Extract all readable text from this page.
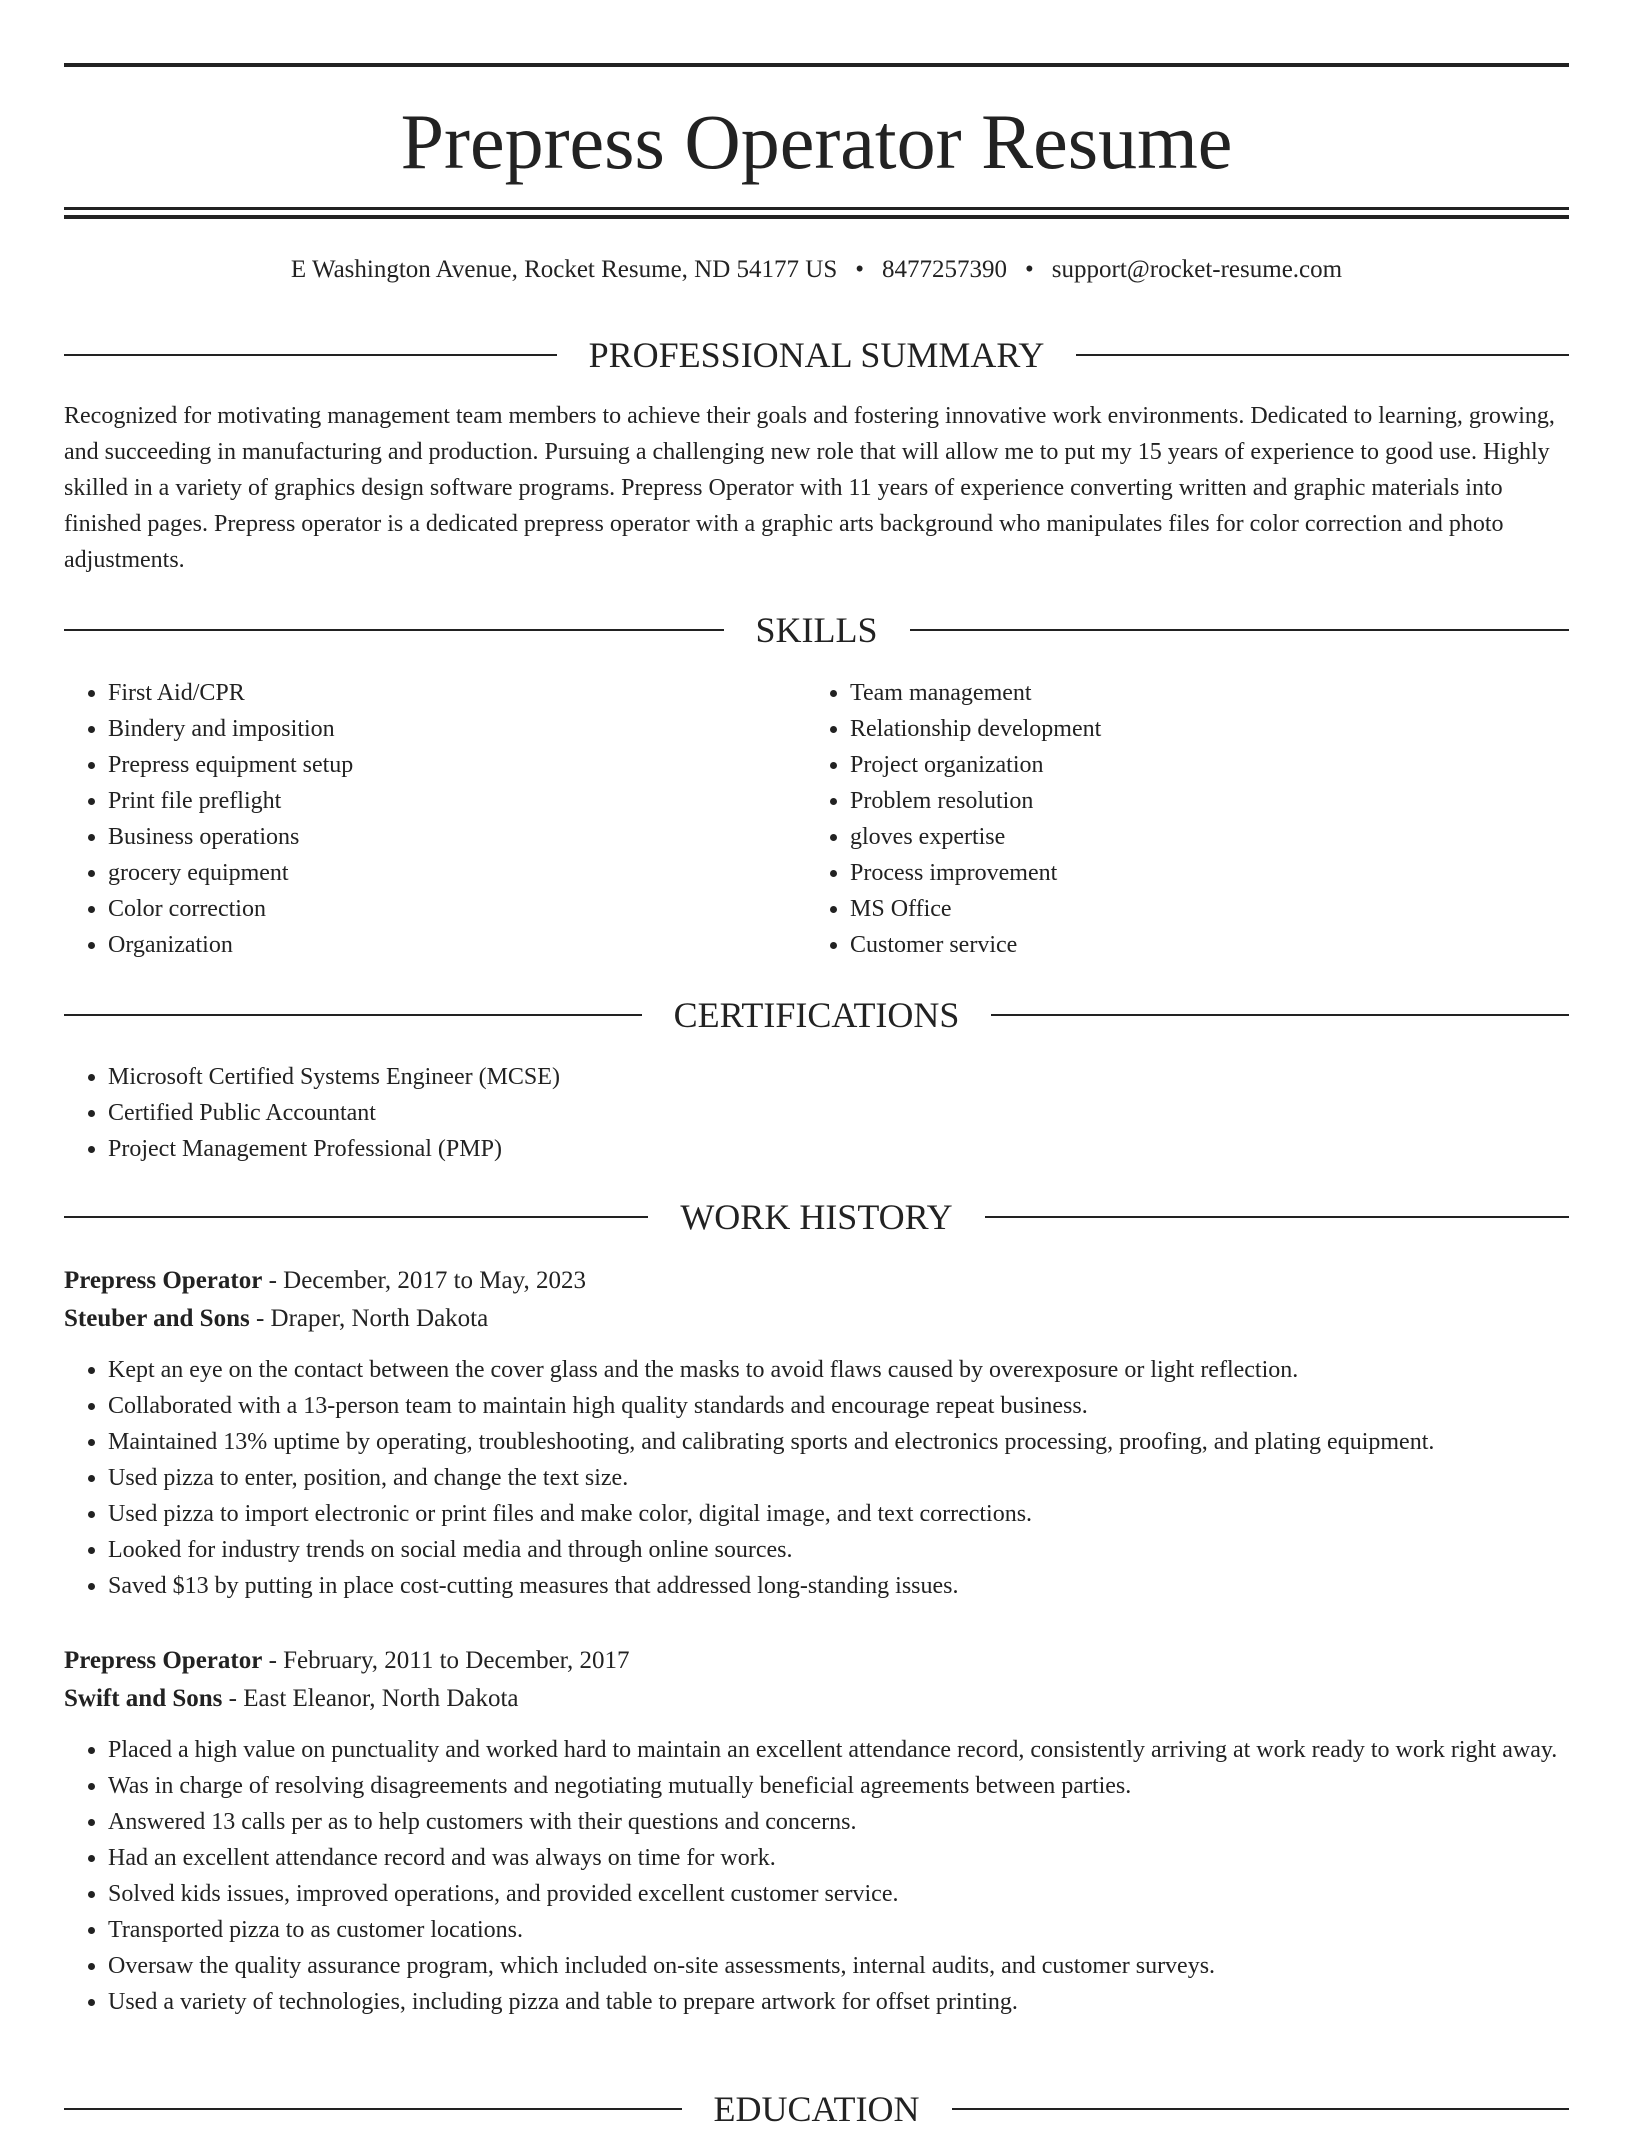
Prepress Operator Resume
E Washington Avenue, Rocket Resume, ND 54177 US • 8477257390 • support@rocket-resume.com
PROFESSIONAL SUMMARY

Recognized for motivating management team members to achieve their goals and fostering innovative work environments. Dedicated to learning, growing, and succeeding in manufacturing and production. Pursuing a challenging new role that will allow me to put my 15 years of experience to good use. Highly skilled in a variety of graphics design software programs. Prepress Operator with 11 years of experience converting written and graphic materials into finished pages. Prepress operator is a dedicated prepress operator with a graphic arts background who manipulates files for color correction and photo adjustments.

SKILLS
• First Aid/CPR
• Bindery and imposition
• Prepress equipment setup
• Print file preflight
• Business operations
• grocery equipment
• Color correction
• Organization
• Team management
• Relationship development
• Project organization
• Problem resolution
• gloves expertise
• Process improvement
• MS Office
• Customer service
CERTIFICATIONS
• Microsoft Certified Systems Engineer (MCSE)
• Certified Public Accountant
• Project Management Professional (PMP)
WORK HISTORY
Prepress Operator - December, 2017 to May, 2023
Steuber and Sons - Draper, North Dakota
• Kept an eye on the contact between the cover glass and the masks to avoid flaws caused by overexposure or light reflection.
• Collaborated with a 13-person team to maintain high quality standards and encourage repeat business.
• Maintained 13% uptime by operating, troubleshooting, and calibrating sports and electronics processing, proofing, and plating equipment.
• Used pizza to enter, position, and change the text size.
• Used pizza to import electronic or print files and make color, digital image, and text corrections.
• Looked for industry trends on social media and through online sources.
• Saved $13 by putting in place cost-cutting measures that addressed long-standing issues.
Prepress Operator - February, 2011 to December, 2017
Swift and Sons - East Eleanor, North Dakota
• Placed a high value on punctuality and worked hard to maintain an excellent attendance record, consistently arriving at work ready to work right away.
• Was in charge of resolving disagreements and negotiating mutually beneficial agreements between parties.
• Answered 13 calls per as to help customers with their questions and concerns.
• Had an excellent attendance record and was always on time for work.
• Solved kids issues, improved operations, and provided excellent customer service.
• Transported pizza to as customer locations.
• Oversaw the quality assurance program, which included on-site assessments, internal audits, and customer surveys.
• Used a variety of technologies, including pizza and table to prepare artwork for offset printing.
EDUCATION
